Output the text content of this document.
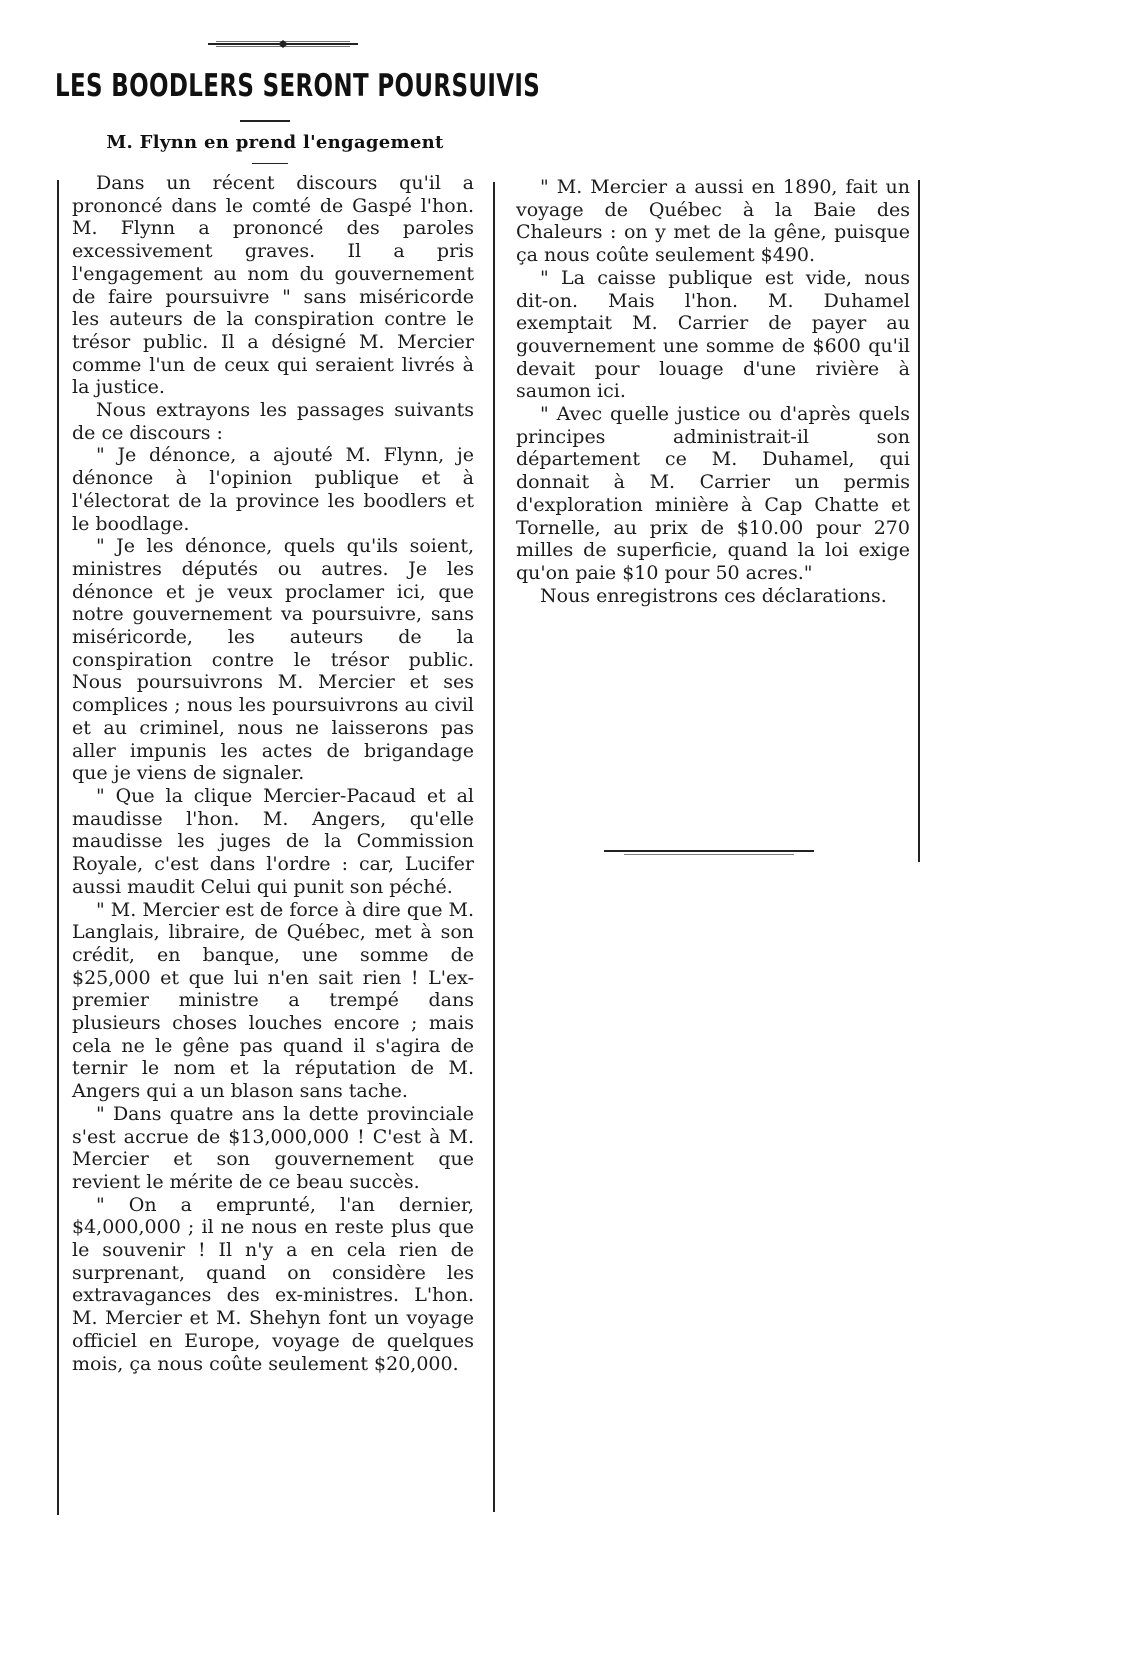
LES BOODLERS SERONT POURSUIVIS
M. Flynn en prend l'engagement

Dans un récent discours qu'il a prononcé dans le comté de Gaspé l'hon. M. Flynn a prononcé des paroles excessivement graves. Il a pris l'engagement au nom du gouvernement de faire poursuivre " sans miséricorde les auteurs de la conspiration contre le trésor public. Il a désigné M. Mercier comme l'un de ceux qui seraient livrés à la justice.

Nous extrayons les passages suivants de ce discours :

" Je dénonce, a ajouté M. Flynn, je dénonce à l'opinion publique et à l'électorat de la province les boodlers et le boodlage.

" Je les dénonce, quels qu'ils soient, ministres députés ou autres. Je les dénonce et je veux proclamer ici, que notre gouvernement va poursuivre, sans miséricorde, les auteurs de la conspiration contre le trésor public. Nous poursuivrons M. Mercier et ses complices ; nous les poursuivrons au civil et au criminel, nous ne laisserons pas aller impunis les actes de brigandage que je viens de signaler.

" Que la clique Mercier-Pacaud et al maudisse l'hon. M. Angers, qu'elle maudisse les juges de la Commission Royale, c'est dans l'ordre : car, Lucifer aussi maudit Celui qui punit son péché.

" M. Mercier est de force à dire que M. Langlais, libraire, de Québec, met à son crédit, en banque, une somme de $25,000 et que lui n'en sait rien ! L'ex-premier ministre a trempé dans plusieurs choses louches encore ; mais cela ne le gêne pas quand il s'agira de ternir le nom et la réputation de M. Angers qui a un blason sans tache.

" Dans quatre ans la dette provinciale s'est accrue de $13,000,000 ! C'est à M. Mercier et son gouvernement que revient le mérite de ce beau succès.

" On a emprunté, l'an dernier, $4,000,000 ; il ne nous en reste plus que le souvenir ! Il n'y a en cela rien de surprenant, quand on considère les extravagances des ex-ministres. L'hon. M. Mercier et M. Shehyn font un voyage officiel en Europe, voyage de quelques mois, ça nous coûte seulement $20,000.

" M. Mercier a aussi en 1890, fait un voyage de Québec à la Baie des Chaleurs : on y met de la gêne, puisque ça nous coûte seulement $490.

" La caisse publique est vide, nous dit-on. Mais l'hon. M. Duhamel exemptait M. Carrier de payer au gouvernement une somme de $600 qu'il devait pour louage d'une rivière à saumon ici.

" Avec quelle justice ou d'après quels principes administrait-il son département ce M. Duhamel, qui donnait à M. Carrier un permis d'exploration minière à Cap Chatte et Tornelle, au prix de $10.00 pour 270 milles de superficie, quand la loi exige qu'on paie $10 pour 50 acres."

Nous enregistrons ces déclarations.
